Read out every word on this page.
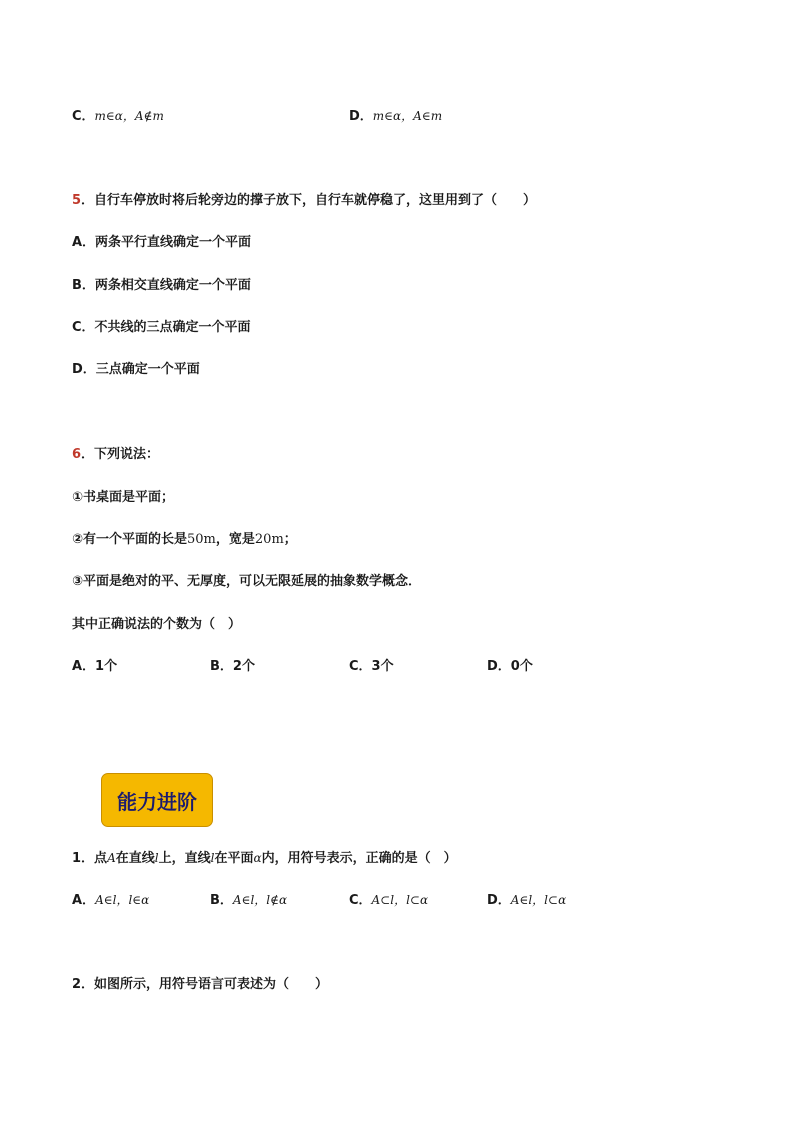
C．m∈α，A∉m	D．m∈α，A∈m
5．自行车停放时将后轮旁边的撑子放下，自行车就停稳了，这里用到了（　　）
A．两条平行直线确定一个平面
B．两条相交直线确定一个平面
C．不共线的三点确定一个平面
D．三点确定一个平面
6．下列说法：
①书桌面是平面；
②有一个平面的长是50m，宽是20m；
③平面是绝对的平、无厚度，可以无限延展的抽象数学概念．
其中正确说法的个数为（　）
A．1个	B．2个	C．3个	D．0个
能力进阶
1．点A在直线l上，直线l在平面α内，用符号表示，正确的是（　）
A．A∈l，l∈α	B．A∈l，l∉α	C．A⊂l，l⊂α	D．A∈l，l⊂α
2．如图所示，用符号语言可表述为（　　）
